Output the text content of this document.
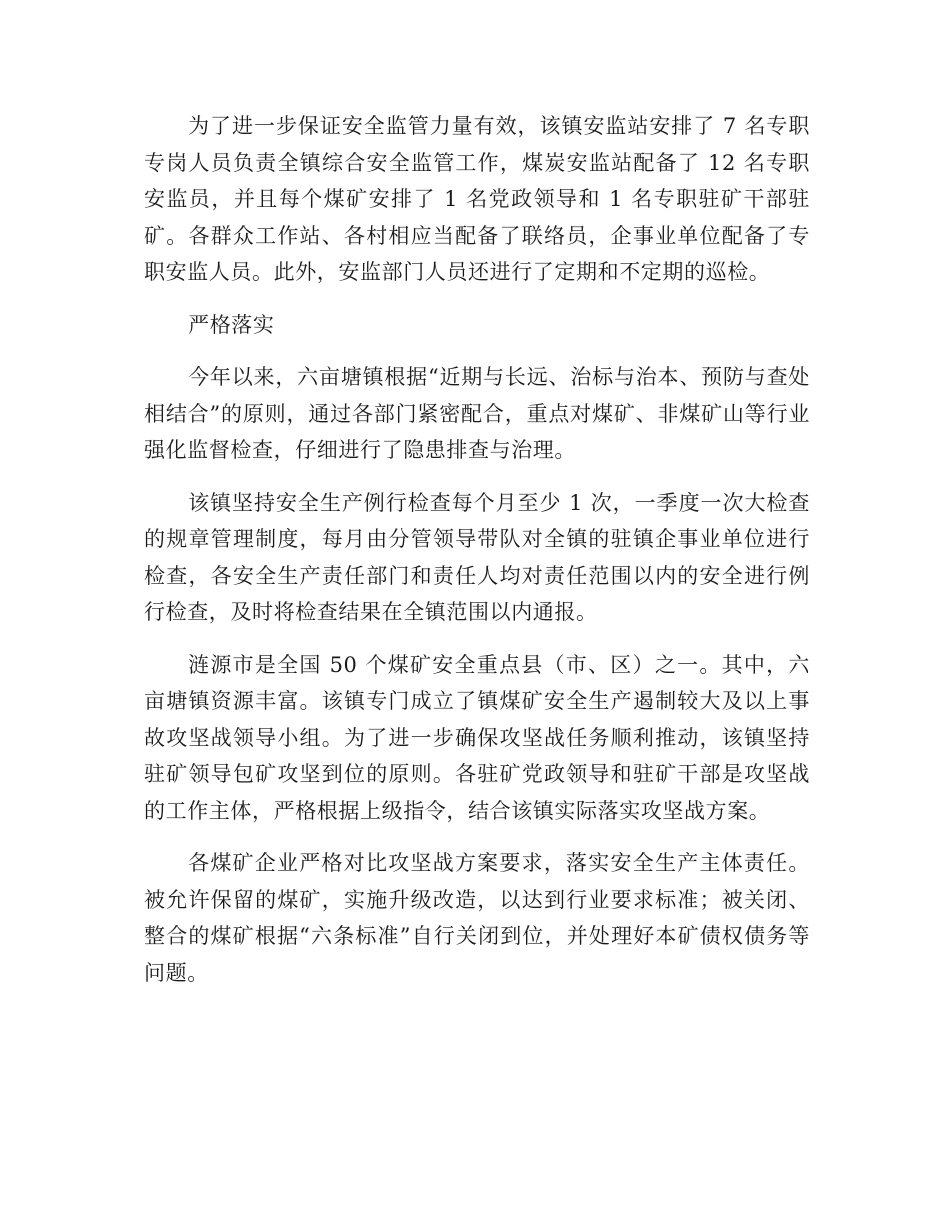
为了进一步保证安全监管力量有效，该镇安监站安排了 7 名专职专岗人员负责全镇综合安全监管工作，煤炭安监站配备了 12 名专职安监员，并且每个煤矿安排了 1 名党政领导和 1 名专职驻矿干部驻矿。各群众工作站、各村相应当配备了联络员，企事业单位配备了专职安监人员。此外，安监部门人员还进行了定期和不定期的巡检。

严格落实

今年以来，六亩塘镇根据“近期与长远、治标与治本、预防与查处相结合”的原则，通过各部门紧密配合，重点对煤矿、非煤矿山等行业强化监督检查，仔细进行了隐患排查与治理。

该镇坚持安全生产例行检查每个月至少 1 次，一季度一次大检查的规章管理制度，每月由分管领导带队对全镇的驻镇企事业单位进行检查，各安全生产责任部门和责任人均对责任范围以内的安全进行例行检查，及时将检查结果在全镇范围以内通报。

涟源市是全国 50 个煤矿安全重点县（市、区）之一。其中，六亩塘镇资源丰富。该镇专门成立了镇煤矿安全生产遏制较大及以上事故攻坚战领导小组。为了进一步确保攻坚战任务顺利推动，该镇坚持驻矿领导包矿攻坚到位的原则。各驻矿党政领导和驻矿干部是攻坚战的工作主体，严格根据上级指令，结合该镇实际落实攻坚战方案。

各煤矿企业严格对比攻坚战方案要求，落实安全生产主体责任。被允许保留的煤矿，实施升级改造，以达到行业要求标准；被关闭、整合的煤矿根据“六条标准”自行关闭到位，并处理好本矿债权债务等问题。
